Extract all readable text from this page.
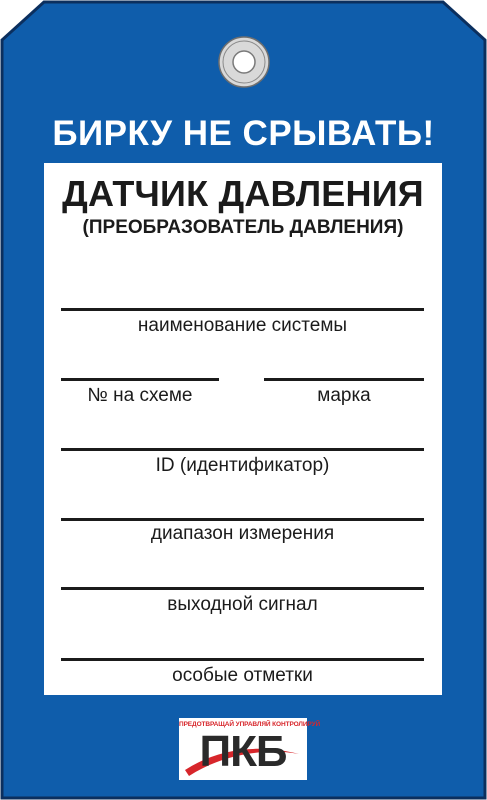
БИРКУ НЕ СРЫВАТЬ!
ДАТЧИК ДАВЛЕНИЯ
(ПРЕОБРАЗОВАТЕЛЬ ДАВЛЕНИЯ)
наименование системы
№ на схеме	марка
ID (идентификатор)
диапазон измерения
выходной сигнал
особые отметки
ПРЕДОТВРАЩАЙ УПРАВЛЯЙ КОНТРОЛИРУЙ
ПКБ
